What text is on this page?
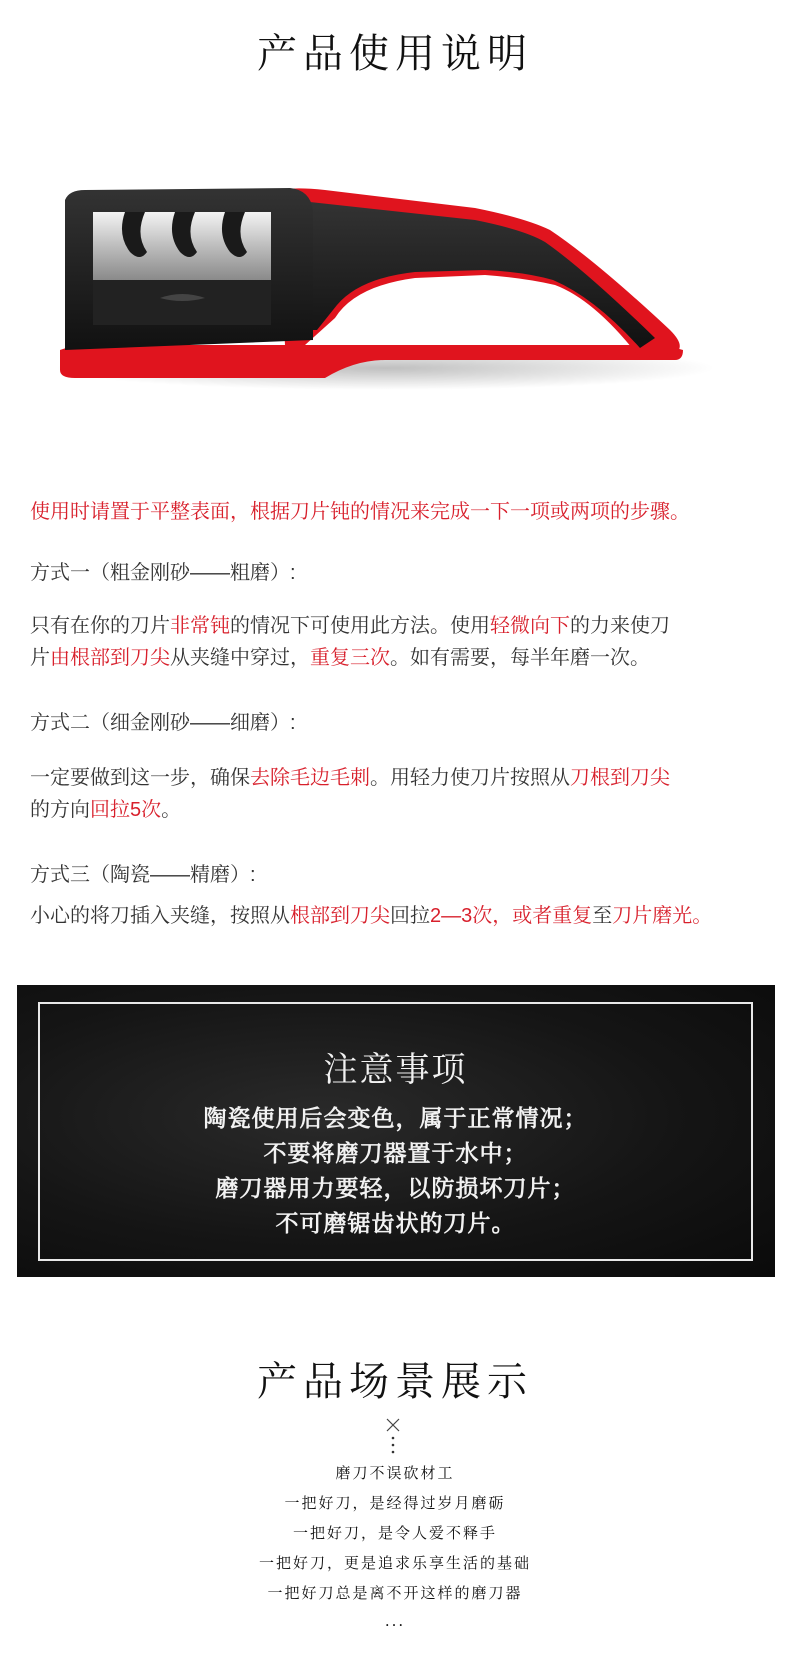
产品使用说明
使用时请置于平整表面，根据刀片钝的情况来完成一下一项或两项的步骤。
方式一（粗金刚砂——粗磨）:
只有在你的刀片非常钝的情况下可使用此方法。使用轻微向下的力来使刀
片由根部到刀尖从夹缝中穿过，重复三次。如有需要，每半年磨一次。
方式二（细金刚砂——细磨）:
一定要做到这一步，确保去除毛边毛刺。用轻力使刀片按照从刀根到刀尖
的方向回拉5次。
方式三（陶瓷——精磨）:
小心的将刀插入夹缝，按照从根部到刀尖回拉2—3次，或者重复至刀片磨光。
注意事项
陶瓷使用后会变色，属于正常情况；
不要将磨刀器置于水中；
磨刀器用力要轻，以防损坏刀片；
不可磨锯齿状的刀片。
产品场景展示
磨刀不误砍材工
一把好刀，是经得过岁月磨砺
一把好刀，是令人爱不释手
一把好刀，更是追求乐享生活的基础
一把好刀总是离不开这样的磨刀器
...
